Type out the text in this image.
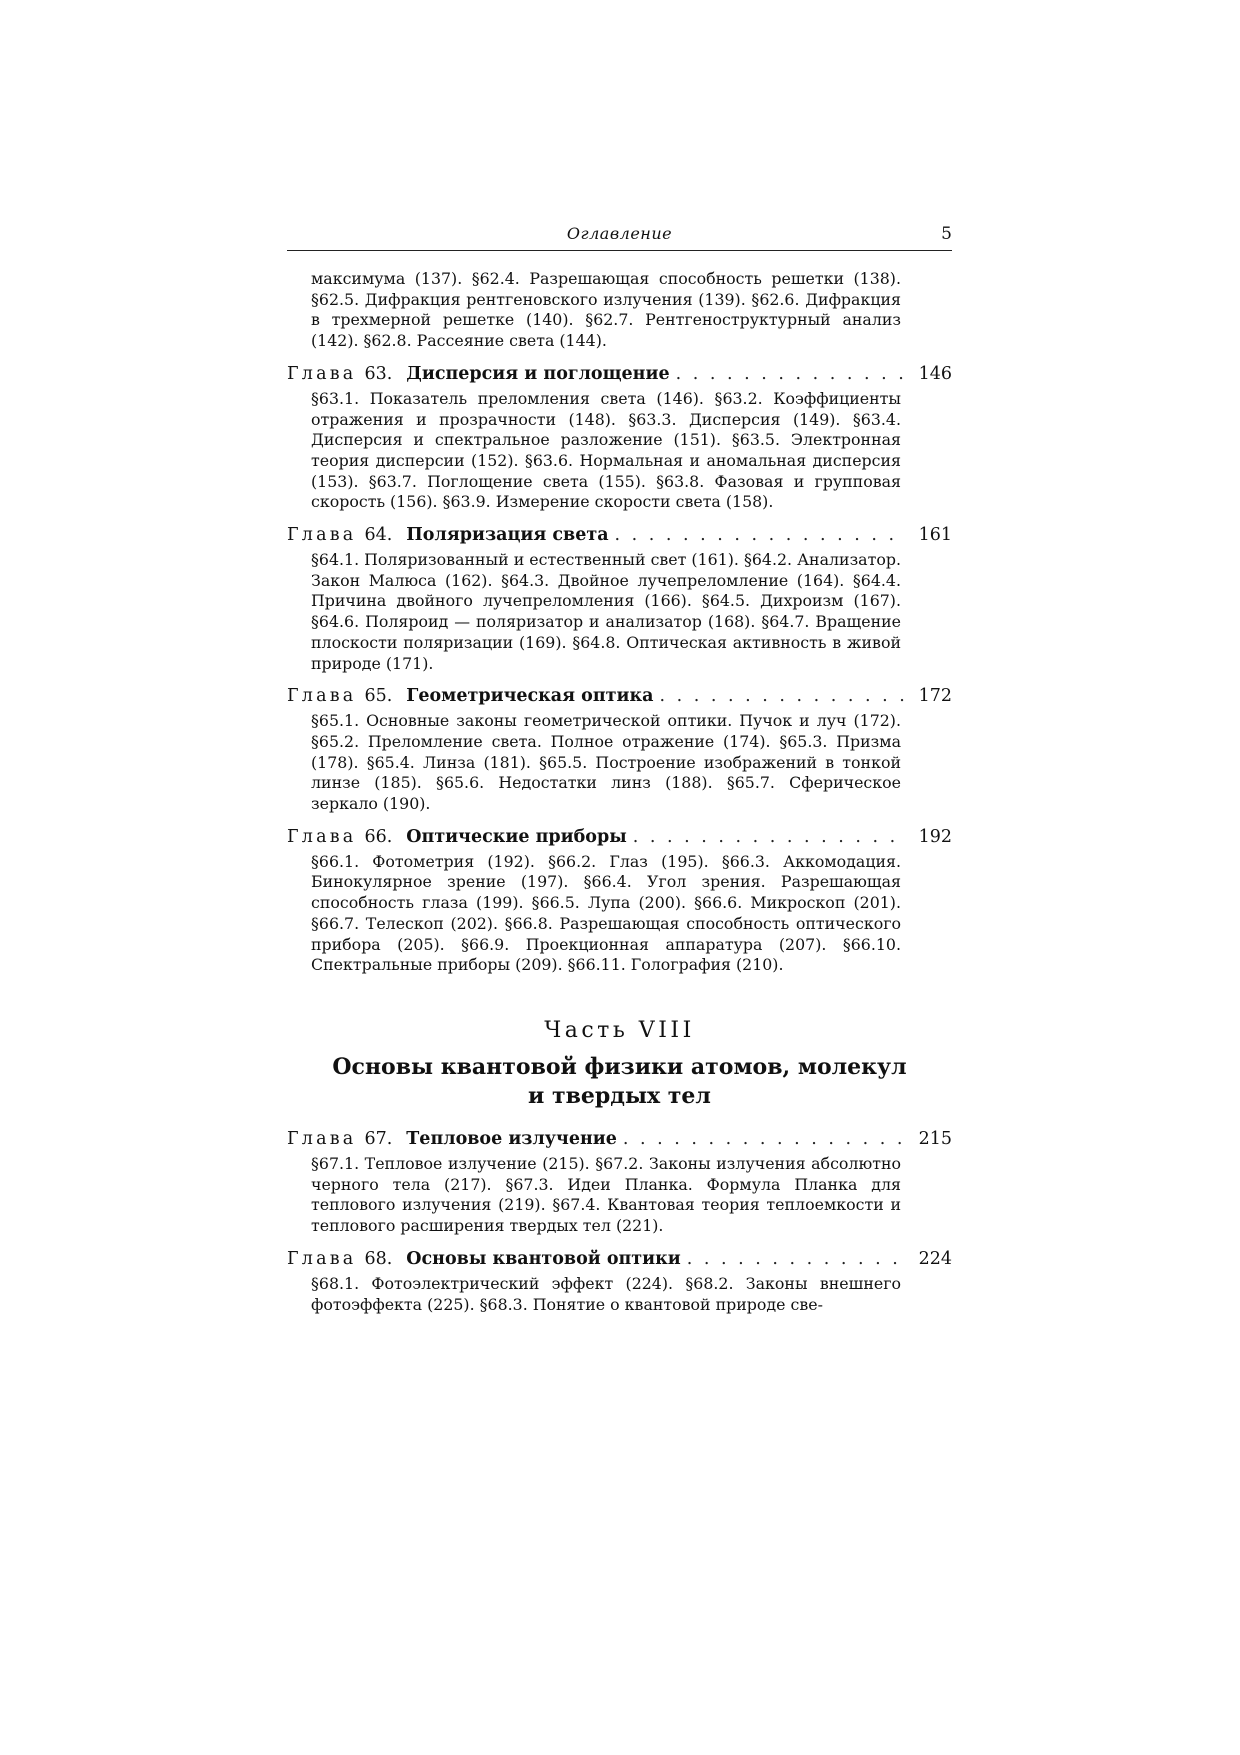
Оглавление	5
максимума (137). §62.4. Разрешающая способность решетки (138). §62.5. Дифракция рентгеновского излучения (139). §62.6. Дифракция в трехмерной решетке (140). §62.7. Рентгеноструктурный анализ (142). §62.8. Рассеяние света (144).
Глава 63. Дисперсия и поглощение . . .	146
§63.1. Показатель преломления света (146). §63.2. Коэффициенты отражения и прозрачности (148). §63.3. Дисперсия (149). §63.4. Дисперсия и спектральное разложение (151). §63.5. Электронная теория дисперсии (152). §63.6. Нормальная и аномальная дисперсия (153). §63.7. Поглощение света (155). §63.8. Фазовая и групповая скорость (156). §63.9. Измерение скорости света (158).
Глава 64. Поляризация света . . .	161
§64.1. Поляризованный и естественный свет (161). §64.2. Анализатор. Закон Малюса (162). §64.3. Двойное лучепреломление (164). §64.4. Причина двойного лучепреломления (166). §64.5. Дихроизм (167). §64.6. Поляроид — поляризатор и анализатор (168). §64.7. Вращение плоскости поляризации (169). §64.8. Оптическая активность в живой природе (171).
Глава 65. Геометрическая оптика . . .	172
§65.1. Основные законы геометрической оптики. Пучок и луч (172). §65.2. Преломление света. Полное отражение (174). §65.3. Призма (178). §65.4. Линза (181). §65.5. Построение изображений в тонкой линзе (185). §65.6. Недостатки линз (188). §65.7. Сферическое зеркало (190).
Глава 66. Оптические приборы . . .	192
§66.1. Фотометрия (192). §66.2. Глаз (195). §66.3. Аккомодация. Бинокулярное зрение (197). §66.4. Угол зрения. Разрешающая способность глаза (199). §66.5. Лупа (200). §66.6. Микроскоп (201). §66.7. Телескоп (202). §66.8. Разрешающая способность оптического прибора (205). §66.9. Проекционная аппаратура (207). §66.10. Спектральные приборы (209). §66.11. Голография (210).
Часть VIII
Основы квантовой физики атомов, молекул и твердых тел
Глава 67. Тепловое излучение . . .	215
§67.1. Тепловое излучение (215). §67.2. Законы излучения абсолютно черного тела (217). §67.3. Идеи Планка. Формула Планка для теплового излучения (219). §67.4. Квантовая теория теплоемкости и теплового расширения твердых тел (221).
Глава 68. Основы квантовой оптики . . .	224
§68.1. Фотоэлектрический эффект (224). §68.2. Законы внешнего фотоэффекта (225). §68.3. Понятие о квантовой природе све-
